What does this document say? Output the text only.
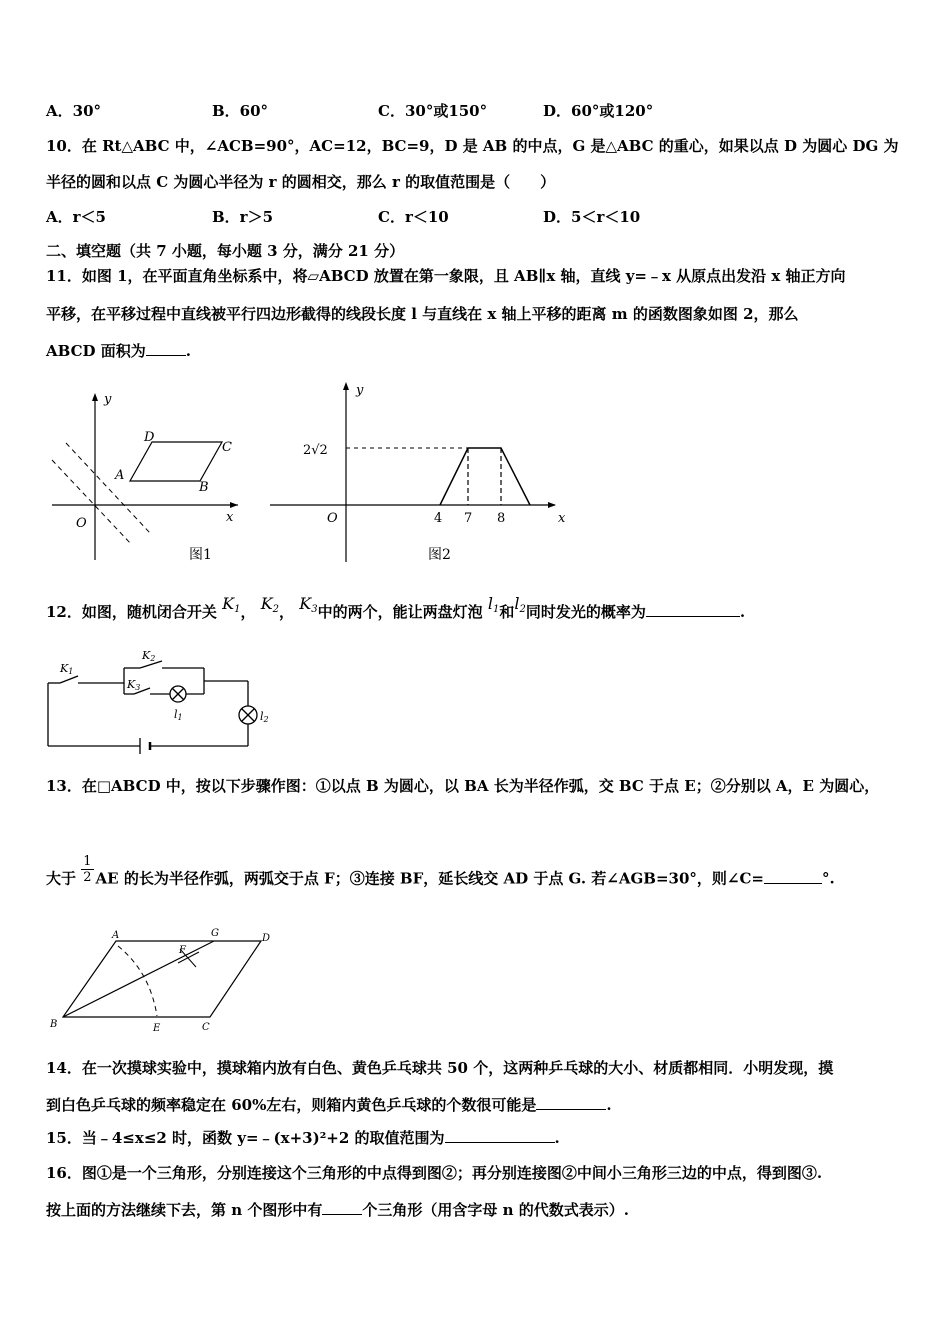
A．30°	B．60°	C．30°或150°	D．60°或120°
10．在 Rt△ABC 中，∠ACB=90°，AC=12，BC=9，D 是 AB 的中点，G 是△ABC 的重心，如果以点 D 为圆心 DG 为
半径的圆和以点 C 为圆心半径为 r 的圆相交，那么 r 的取值范围是（　　）
A．r＜5	B．r＞5	C．r＜10	D．5＜r＜10
二、填空题（共 7 小题，每小题 3 分，满分 21 分）
11．如图 1，在平面直角坐标系中，将▱ABCD 放置在第一象限，且 AB∥x 轴，直线 y=﹣x 从原点出发沿 x 轴正方向
平移，在平移过程中直线被平行四边形截得的线段长度 l 与直线在 x 轴上平移的距离 m 的函数图象如图 2，那么
ABCD 面积为	.
y
x
O
A
B
C
D
图1
y
x
O
2√2
4 7 8
图2
12．如图，随机闭合开关 $K_1$， $K_2$， $K_3$中的两个，能让两盘灯泡 $l_1$和$l_2$同时发光的概率为	.
K1
K2
K3
l1	l2
13．在□ABCD 中，按以下步骤作图：①以点 B 为圆心，以 BA 长为半径作弧，交 BC 于点 E；②分别以 A，E 为圆心，
大于 $\frac{1}{2}$ AE 的长为半径作弧，两弧交于点 F；③连接 BF，延长线交 AD 于点 G. 若∠AGB=30°，则∠C=	°.
A	G	D
F
B	E	C
14．在一次摸球实验中，摸球箱内放有白色、黄色乒乓球共 50 个，这两种乒乓球的大小、材质都相同．小明发现，摸
到白色乒乓球的频率稳定在 60%左右，则箱内黄色乒乓球的个数很可能是	.
15．当﹣4≤x≤2 时，函数 y=﹣(x+3)²+2 的取值范围为	.
16．图①是一个三角形，分别连接这个三角形的中点得到图②；再分别连接图②中间小三角形三边的中点，得到图③.
按上面的方法继续下去，第 n 个图形中有	个三角形（用含字母 n 的代数式表示）.
